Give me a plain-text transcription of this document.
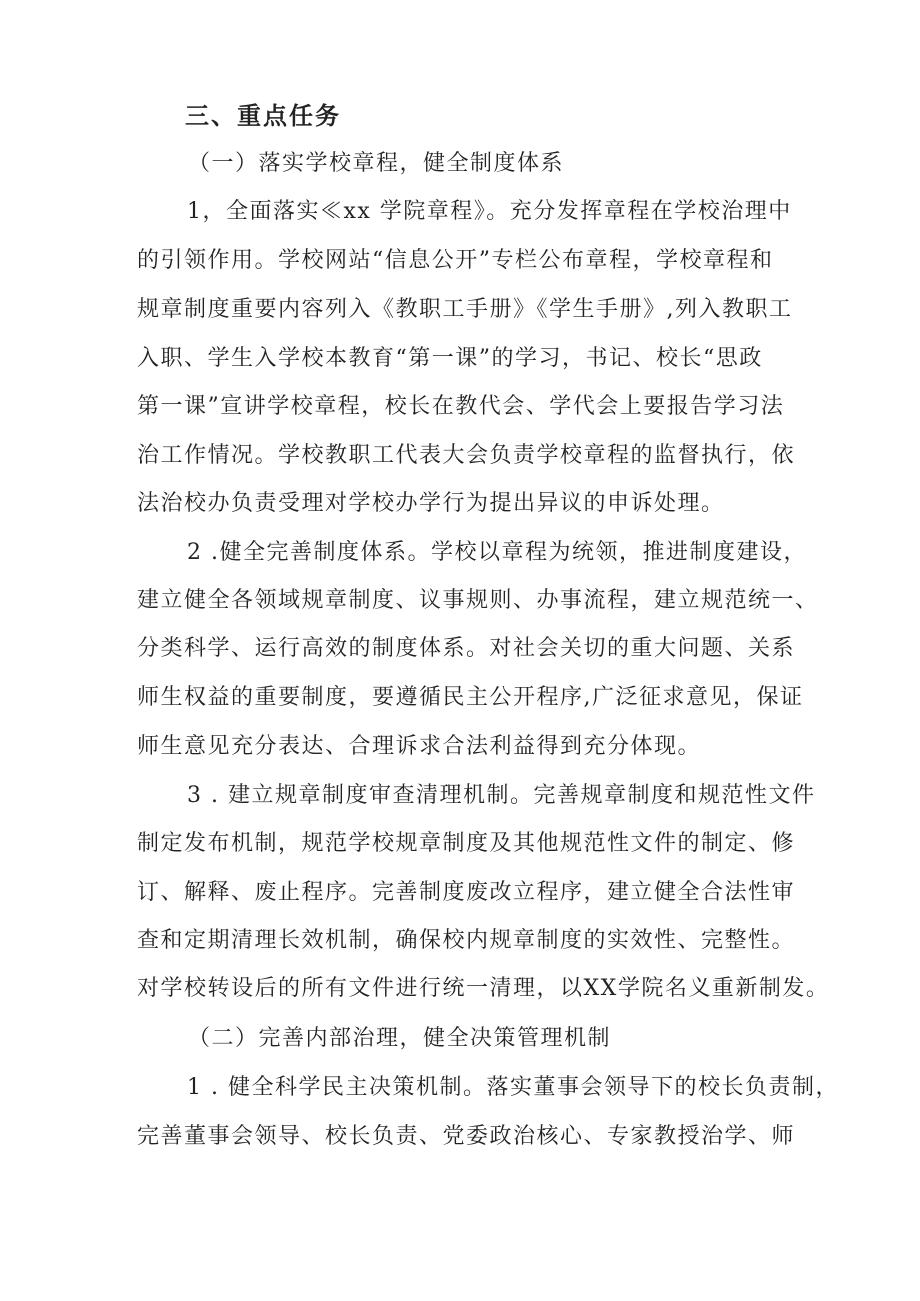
三、重点任务
（一）落实学校章程，健全制度体系
1，全面落实≪xx 学院章程》。充分发挥章程在学校治理中
的引领作用。学校网站“信息公开”专栏公布章程，学校章程和
规章制度重要内容列入《教职工手册》《学生手册》,列入教职工
入职、学生入学校本教育“第一课”的学习，书记、校长“思政
第一课”宣讲学校章程，校长在教代会、学代会上要报告学习法
治工作情况。学校教职工代表大会负责学校章程的监督执行，依
法治校办负责受理对学校办学行为提出异议的申诉处理。
2 .健全完善制度体系。学校以章程为统领，推进制度建设，
建立健全各领域规章制度、议事规则、办事流程，建立规范统一、
分类科学、运行高效的制度体系。对社会关切的重大问题、关系
师生权益的重要制度，要遵循民主公开程序,广泛征求意见，保证
师生意见充分表达、合理诉求合法利益得到充分体现。
3 . 建立规章制度审查清理机制。完善规章制度和规范性文件
制定发布机制，规范学校规章制度及其他规范性文件的制定、修
订、解释、废止程序。完善制度废改立程序，建立健全合法性审
查和定期清理长效机制，确保校内规章制度的实效性、完整性。
对学校转设后的所有文件进行统一清理，以XX学院名义重新制发。
（二）完善内部治理，健全决策管理机制
1 . 健全科学民主决策机制。落实董事会领导下的校长负责制，
完善董事会领导、校长负责、党委政治核心、专家教授治学、师
